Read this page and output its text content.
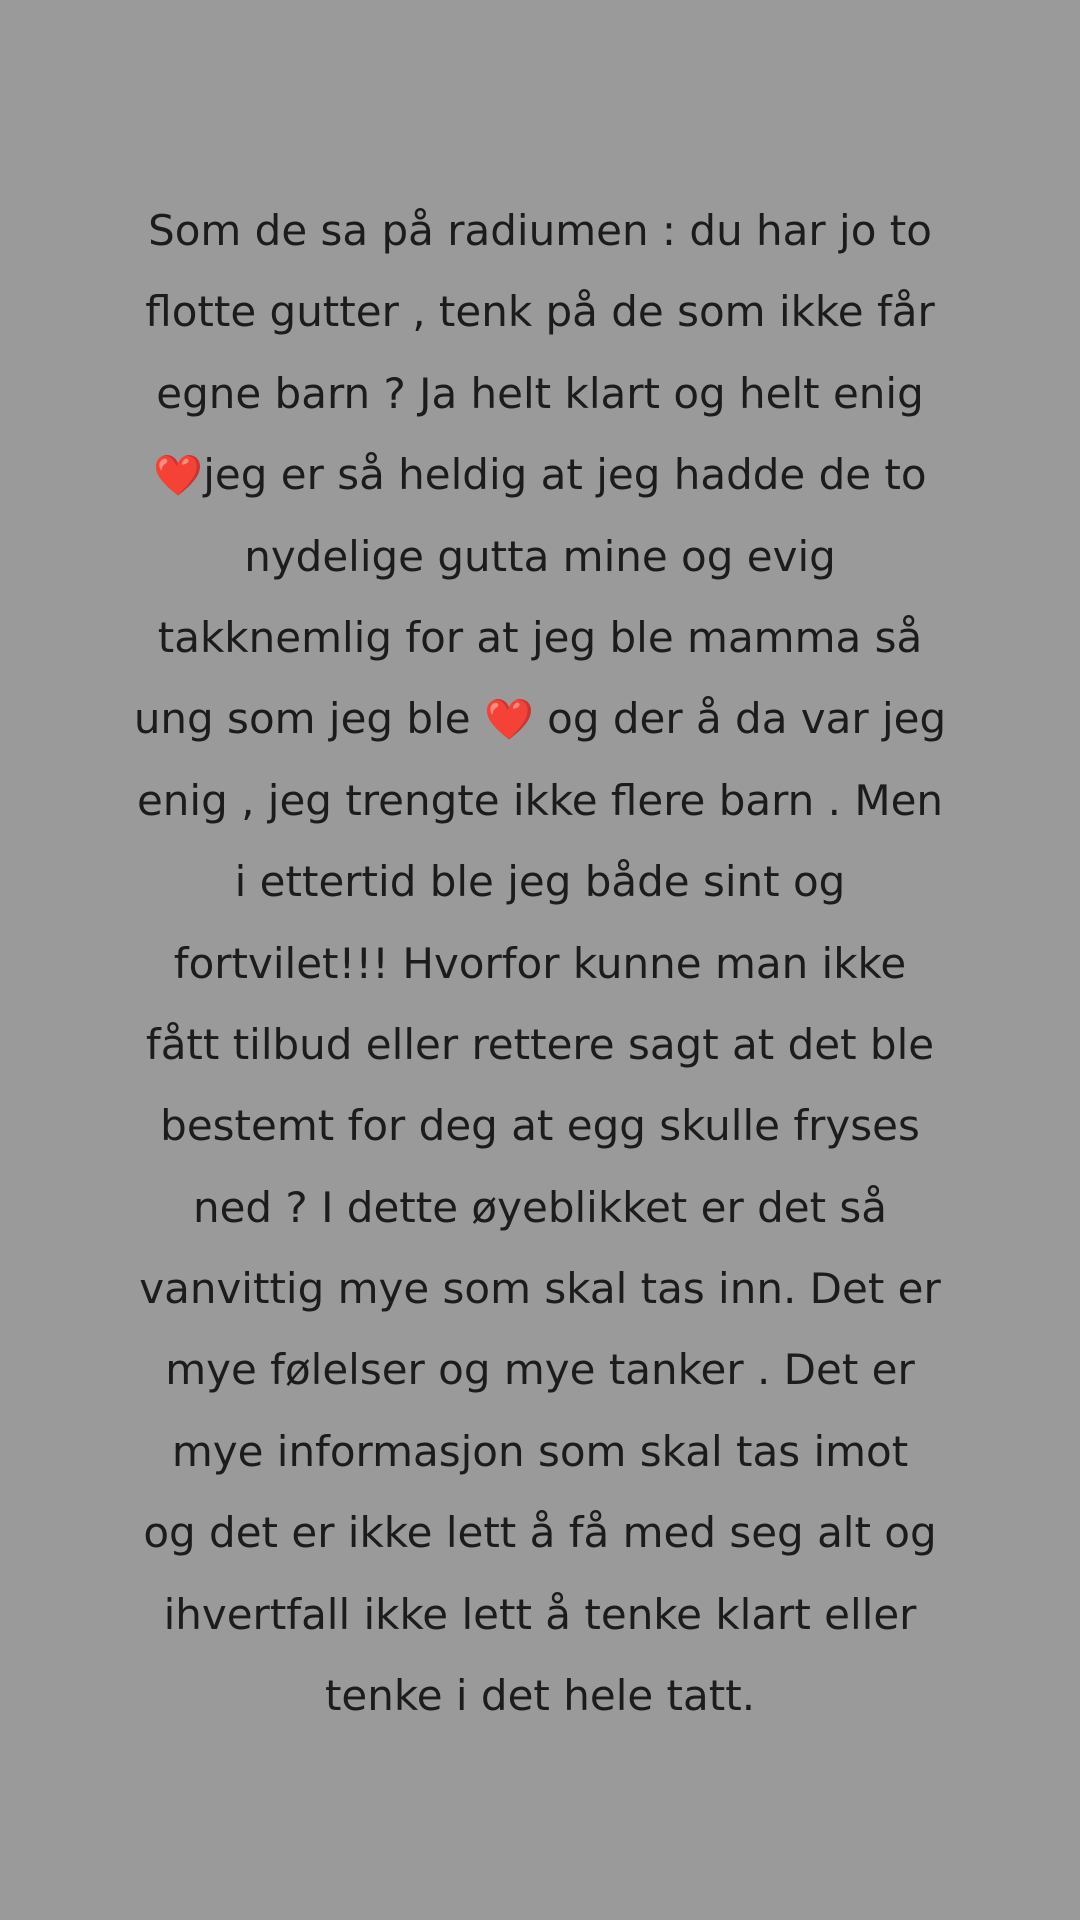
Som de sa på radiumen : du har jo to
flotte gutter , tenk på de som ikke får
egne barn ? Ja helt klart og helt enig
❤️jeg er så heldig at jeg hadde de to
nydelige gutta mine og evig
takknemlig for at jeg ble mamma så
ung som jeg ble ❤️ og der å da var jeg
enig , jeg trengte ikke flere barn . Men
i ettertid ble jeg både sint og
fortvilet!!! Hvorfor kunne man ikke
fått tilbud eller rettere sagt at det ble
bestemt for deg at egg skulle fryses
ned ? I dette øyeblikket er det så
vanvittig mye som skal tas inn. Det er
mye følelser og mye tanker . Det er
mye informasjon som skal tas imot
og det er ikke lett å få med seg alt og
ihvertfall ikke lett å tenke klart eller
tenke i det hele tatt.
